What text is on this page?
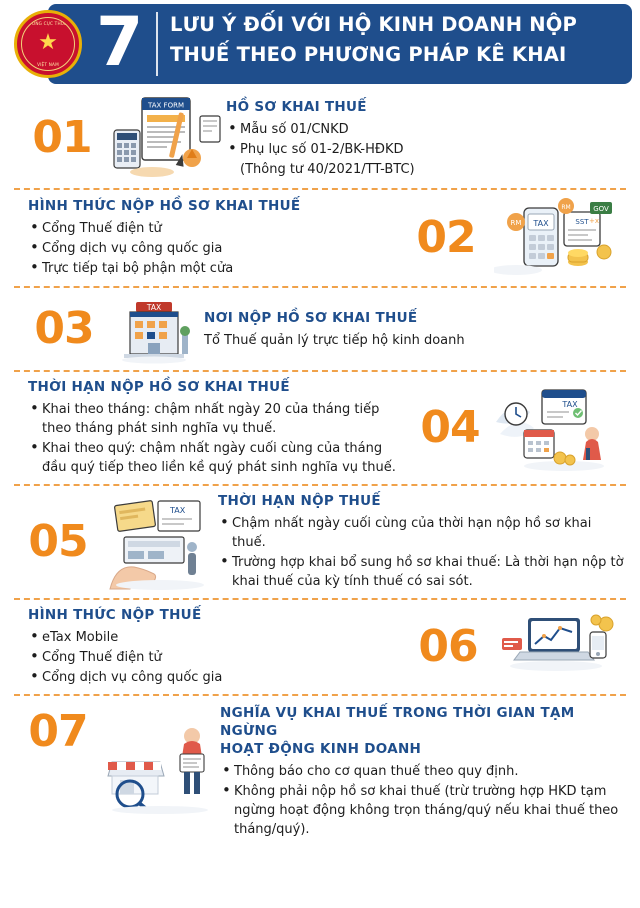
TỔNG CỤC THUẾ
★
VIỆT NAM 7 LƯU Ý ĐỐI VỚI HỘ KINH DOANH NỘP
THUẾ THEO PHƯƠNG PHÁP KÊ KHAI
01
TAX FORM	HỒ SƠ KHAI THUẾ
• Mẫu số 01/CNKD
• Phụ lục số 01-2/BK-HĐKD
(Thông tư 40/2021/TT-BTC)
HÌNH THỨC NỘP HỒ SƠ KHAI THUẾ
• Cổng Thuế điện tử
• Cổng dịch vụ công quốc gia
• Trực tiếp tại bộ phận một cửa
02	TAX	SST +x
RM
RM	GOV
03	TAX
NƠI NỘP HỒ SƠ KHAI THUẾ
Tổ Thuế quản lý trực tiếp hộ kinh doanh
THỜI HẠN NỘP HỒ SƠ KHAI THUẾ
• Khai theo tháng: chậm nhất ngày 20 của tháng tiếp theo tháng phát sinh nghĩa vụ thuế.
• Khai theo quý: chậm nhất ngày cuối cùng của tháng đầu quý tiếp theo liền kề quý phát sinh nghĩa vụ thuế.
04	TAX
05
TAX
THỜI HẠN NỘP THUẾ
• Chậm nhất ngày cuối cùng của thời hạn nộp hồ sơ khai thuế.
• Trường hợp khai bổ sung hồ sơ khai thuế: Là thời hạn nộp tờ khai thuế của kỳ tính thuế có sai sót.
HÌNH THỨC NỘP THUẾ
• eTax Mobile
• Cổng Thuế điện tử
• Cổng dịch vụ công quốc gia
06
07	NGHĨA VỤ KHAI THUẾ TRONG THỜI GIAN TẠM NGỪNG
HOẠT ĐỘNG KINH DOANH
• Thông báo cho cơ quan thuế theo quy định.
• Không phải nộp hồ sơ khai thuế (trừ trường hợp HKD tạm ngừng hoạt động không trọn tháng/quý nếu khai thuế theo tháng/quý).
